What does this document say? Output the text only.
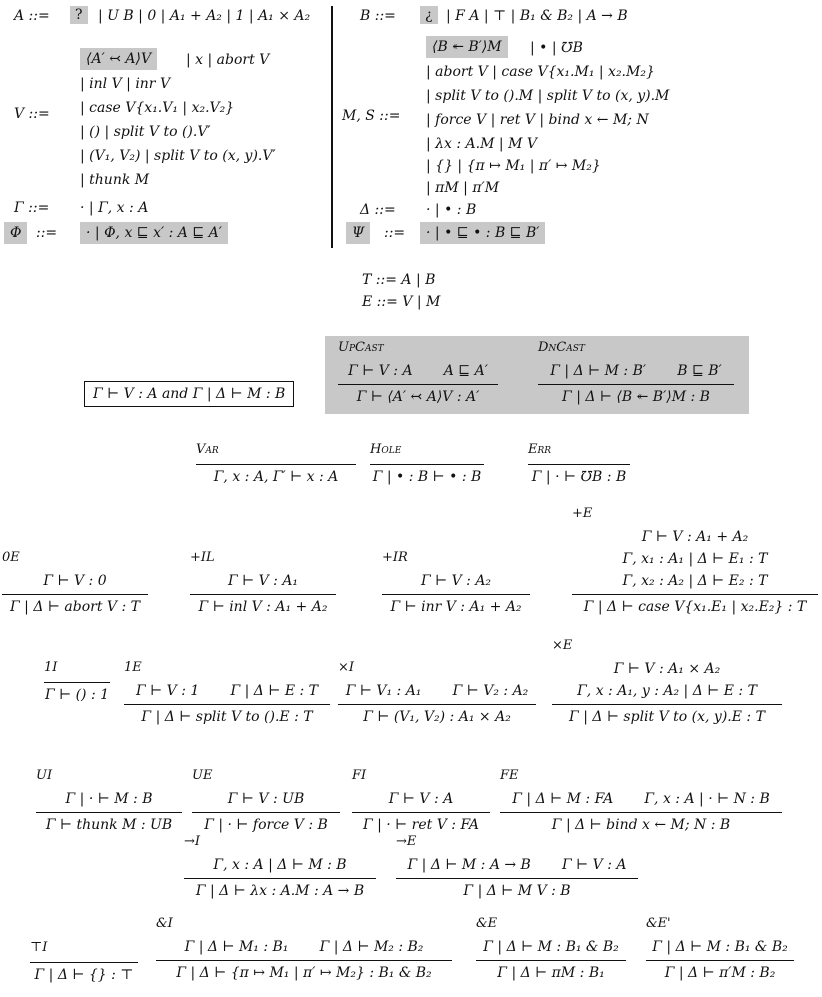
A ::=	?	| U B | 0 | A₁ + A₂ | 1 | A₁ × A₂
V ::=
⟨A′ ↢ A⟩V	| x | abort V
| inl V | inr V
| case V{x₁.V₁ | x₂.V₂}
| () | split V to ().V′
| (V₁, V₂) | split V to (x, y).V′
| thunk M
Γ ::= · | Γ, x : A
Φ	::=	· | Φ, x ⊑ x′ : A ⊑ A′
B ::=	¿ | F A | ⊤ | B₁ & B₂ | A → B
M, S ::=
⟨B ↞ B′⟩M	| • | ℧B
| abort V | case V{x₁.M₁ | x₂.M₂}
| split V to ().M | split V to (x, y).M
| force V | ret V | bind x ← M; N
| λx : A.M | M V
| {} | {π ↦ M₁ | π′ ↦ M₂}
| πM | π′M
Δ ::= · | • : B
Ψ	::=	· | • ⊑ • : B ⊑ B′
T ::= A | B
E ::= V | M
Γ ⊢ V : A and Γ | Δ ⊢ M : B
UpCast
Γ ⊢ V : A A ⊑ A′
Γ ⊢ ⟨A′ ↢ A⟩V : A′
DnCast
Γ | Δ ⊢ M : B′ B ⊑ B′
Γ | Δ ⊢ ⟨B ↞ B′⟩M : B
Var
Γ, x : A, Γ′ ⊢ x : A
Hole
Γ | • : B ⊢ • : B
Err
Γ | · ⊢ ℧B : B
0E
Γ ⊢ V : 0
Γ | Δ ⊢ abort V : T
+IL
Γ ⊢ V : A₁
Γ ⊢ inl V : A₁ + A₂
+IR
Γ ⊢ V : A₂
Γ ⊢ inr V : A₁ + A₂
+E
Γ ⊢ V : A₁ + A₂
Γ, x₁ : A₁ | Δ ⊢ E₁ : T
Γ, x₂ : A₂ | Δ ⊢ E₂ : T
Γ | Δ ⊢ case V{x₁.E₁ | x₂.E₂} : T
1I
Γ ⊢ () : 1
1E
Γ ⊢ V : 1 Γ | Δ ⊢ E : T
Γ | Δ ⊢ split V to ().E : T
×I
Γ ⊢ V₁ : A₁ Γ ⊢ V₂ : A₂
Γ ⊢ (V₁, V₂) : A₁ × A₂
×E
Γ ⊢ V : A₁ × A₂
Γ, x : A₁, y : A₂ | Δ ⊢ E : T
Γ | Δ ⊢ split V to (x, y).E : T
UI
Γ | · ⊢ M : B
Γ ⊢ thunk M : UB
UE
Γ ⊢ V : UB
Γ | · ⊢ force V : B
FI
Γ ⊢ V : A
Γ | · ⊢ ret V : FA
FE
Γ | Δ ⊢ M : FA Γ, x : A | · ⊢ N : B
Γ | Δ ⊢ bind x ← M; N : B
→I
Γ, x : A | Δ ⊢ M : B
Γ | Δ ⊢ λx : A.M : A → B
→E
Γ | Δ ⊢ M : A → B Γ ⊢ V : A
Γ | Δ ⊢ M V : B
⊤I
Γ | Δ ⊢ {} : ⊤
&I
Γ | Δ ⊢ M₁ : B₁ Γ | Δ ⊢ M₂ : B₂
Γ | Δ ⊢ {π ↦ M₁ | π′ ↦ M₂} : B₁ & B₂
&E
Γ | Δ ⊢ M : B₁ & B₂
Γ | Δ ⊢ πM : B₁
&E'
Γ | Δ ⊢ M : B₁ & B₂
Γ | Δ ⊢ π′M : B₂
